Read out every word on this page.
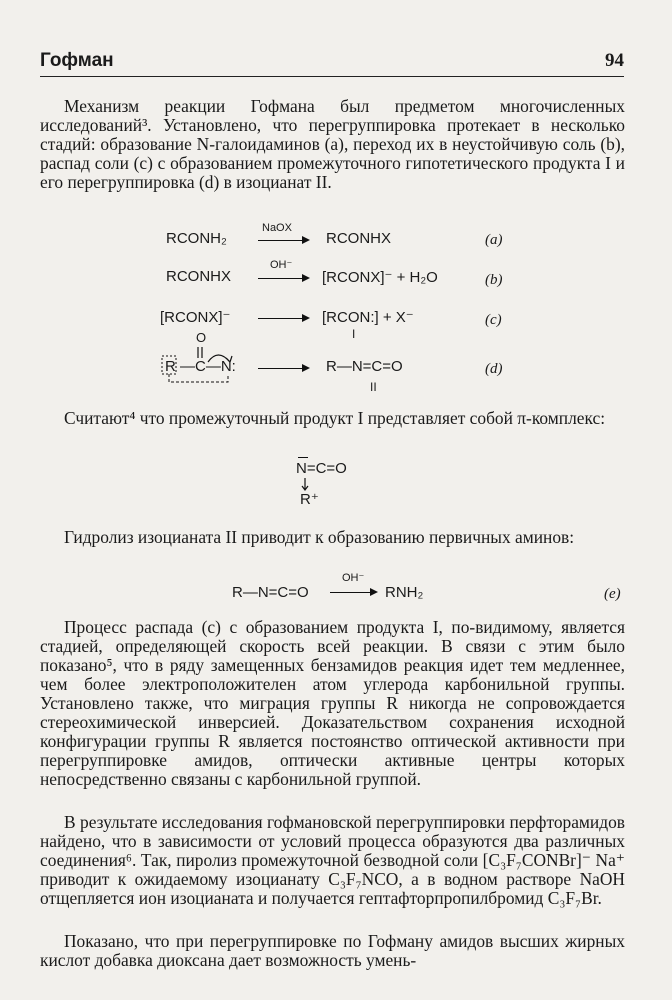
Гофман	94

Механизм реакции Гофмана был предметом многочисленных исследований³. Установлено, что перегруппировка протекает в несколько стадий: образование N-галоидаминов (a), переход их в неустойчивую соль (b), распад соли (c) с образованием промежуточного гипотетического продукта I и его перегруппировка (d) в изоцианат II.

RCONH₂
NaOX
RCONHX	(a)
RCONHX
OH⁻
[RCONX]⁻ + H₂O	(b)
[RCONX]⁻	[RCON:] + X⁻
I
(c)
O
R —C—N:	R—N=C=O
II
(d)

Считают⁴ что промежуточный продукт I представляет собой π-комплекс:

N=C=O
R⁺

Гидролиз изоцианата II приводит к образованию первичных аминов:

R—N=C=O
OH⁻
RNH₂	(e)

Процесс распада (c) с образованием продукта I, по-видимому, является стадией, определяющей скорость всей реакции. В связи с этим было показано⁵, что в ряду замещенных бензамидов реакция идет тем медленнее, чем более электроположителен атом углерода карбонильной группы. Установлено также, что миграция группы R никогда не сопровождается стереохимической инверсией. Доказательством сохранения исходной конфигурации группы R является постоянство оптической активности при перегруппировке амидов, оптически активные центры которых непосредственно связаны с карбонильной группой.

В результате исследования гофмановской перегруппировки перфторамидов найдено, что в зависимости от условий процесса образуются два различных соединения⁶. Так, пиролиз промежуточной безводной соли [C₃F₇CONBr]⁻ Na⁺ приводит к ожидаемому изоцианату C₃F₇NCO, а в водном растворе NaOH отщепляется ион изоцианата и получается гептафторпропилбромид C₃F₇Br.

Показано, что при перегруппировке по Гофману амидов высших жирных кислот добавка диоксана дает возможность умень-
